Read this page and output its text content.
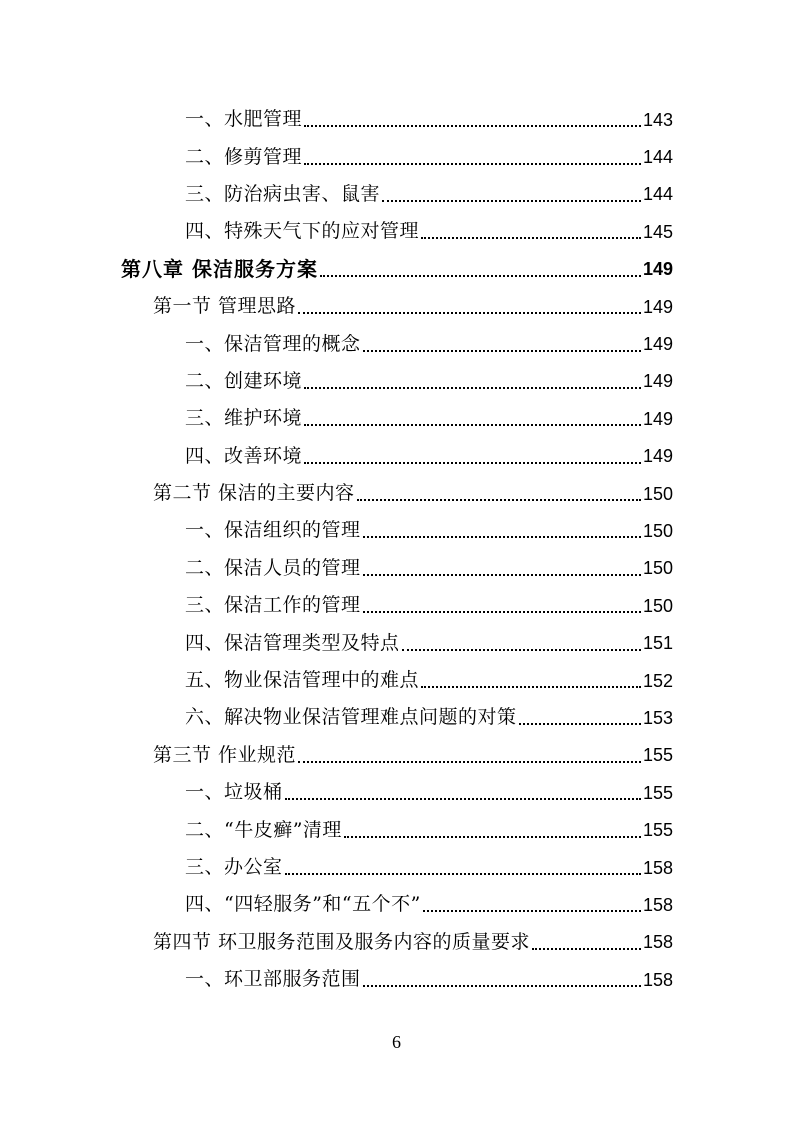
一、水肥管理	143
二、修剪管理	144
三、防治病虫害、鼠害	144
四、特殊天气下的应对管理	145
第八章 保洁服务方案	149
第一节 管理思路	149
一、保洁管理的概念	149
二、创建环境	149
三、维护环境	149
四、改善环境	149
第二节 保洁的主要内容	150
一、保洁组织的管理	150
二、保洁人员的管理	150
三、保洁工作的管理	150
四、保洁管理类型及特点	151
五、物业保洁管理中的难点	152
六、解决物业保洁管理难点问题的对策	153
第三节 作业规范	155
一、垃圾桶	155
二、“牛皮癣”清理	155
三、办公室	158
四、“四轻服务”和“五个不”	158
第四节 环卫服务范围及服务内容的质量要求	158
一、环卫部服务范围	158
6
